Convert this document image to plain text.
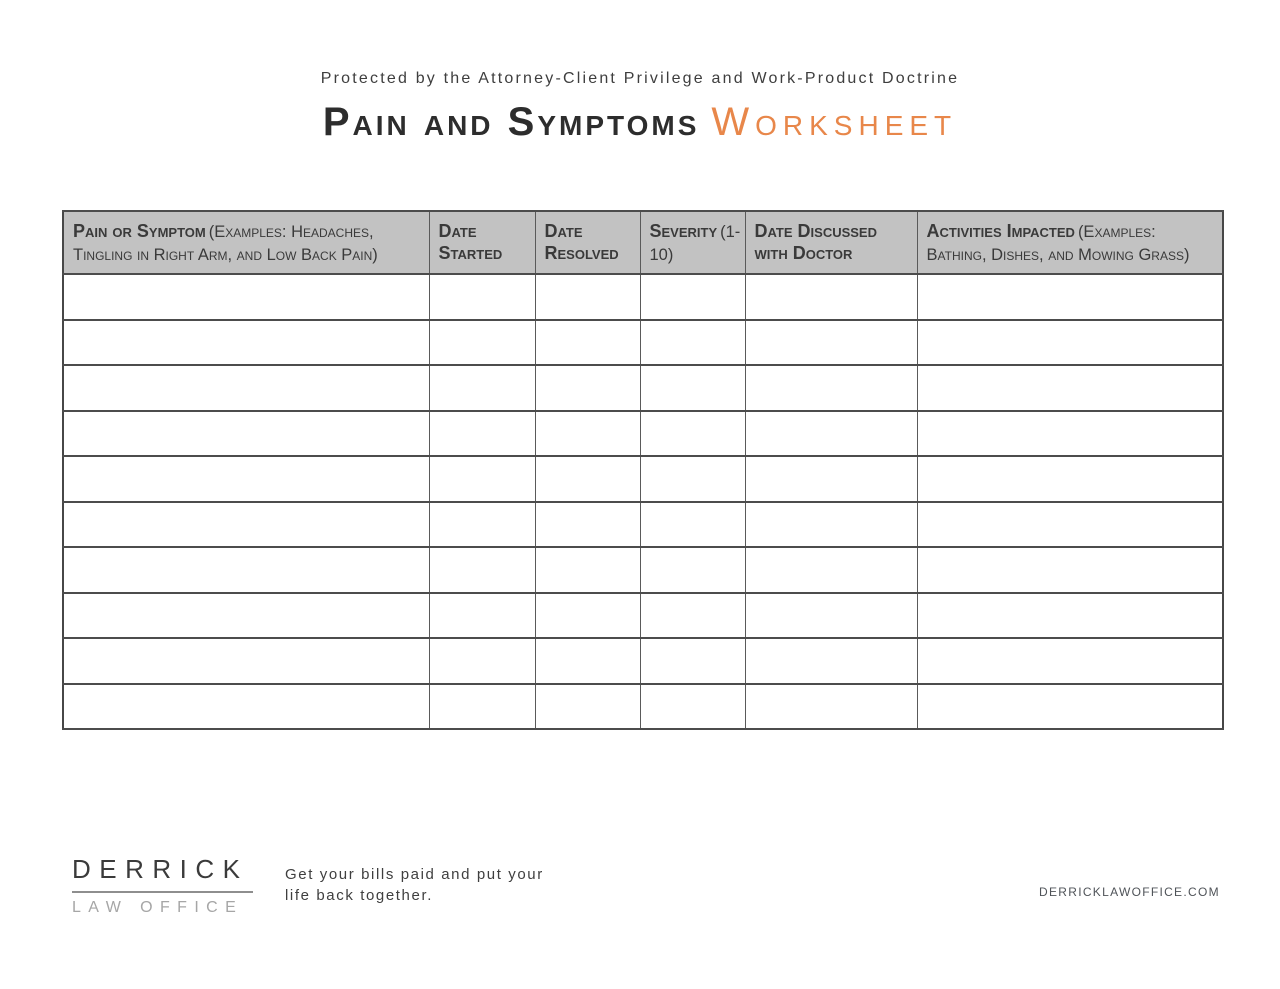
Protected by the Attorney-Client Privilege and Work-Product Doctrine
Pain and Symptoms Worksheet
Pain or Symptom (Examples: Headaches, Tingling in Right Arm, and Low Back Pain)	Date Started	Date Resolved	Severity (1-10)	Date Discussed with Doctor	Activities Impacted (Examples: Bathing, Dishes, and Mowing Grass)

DERRICK
LAW OFFICE
Get your bills paid and put your
life back together.	DERRICKLAWOFFICE.COM
